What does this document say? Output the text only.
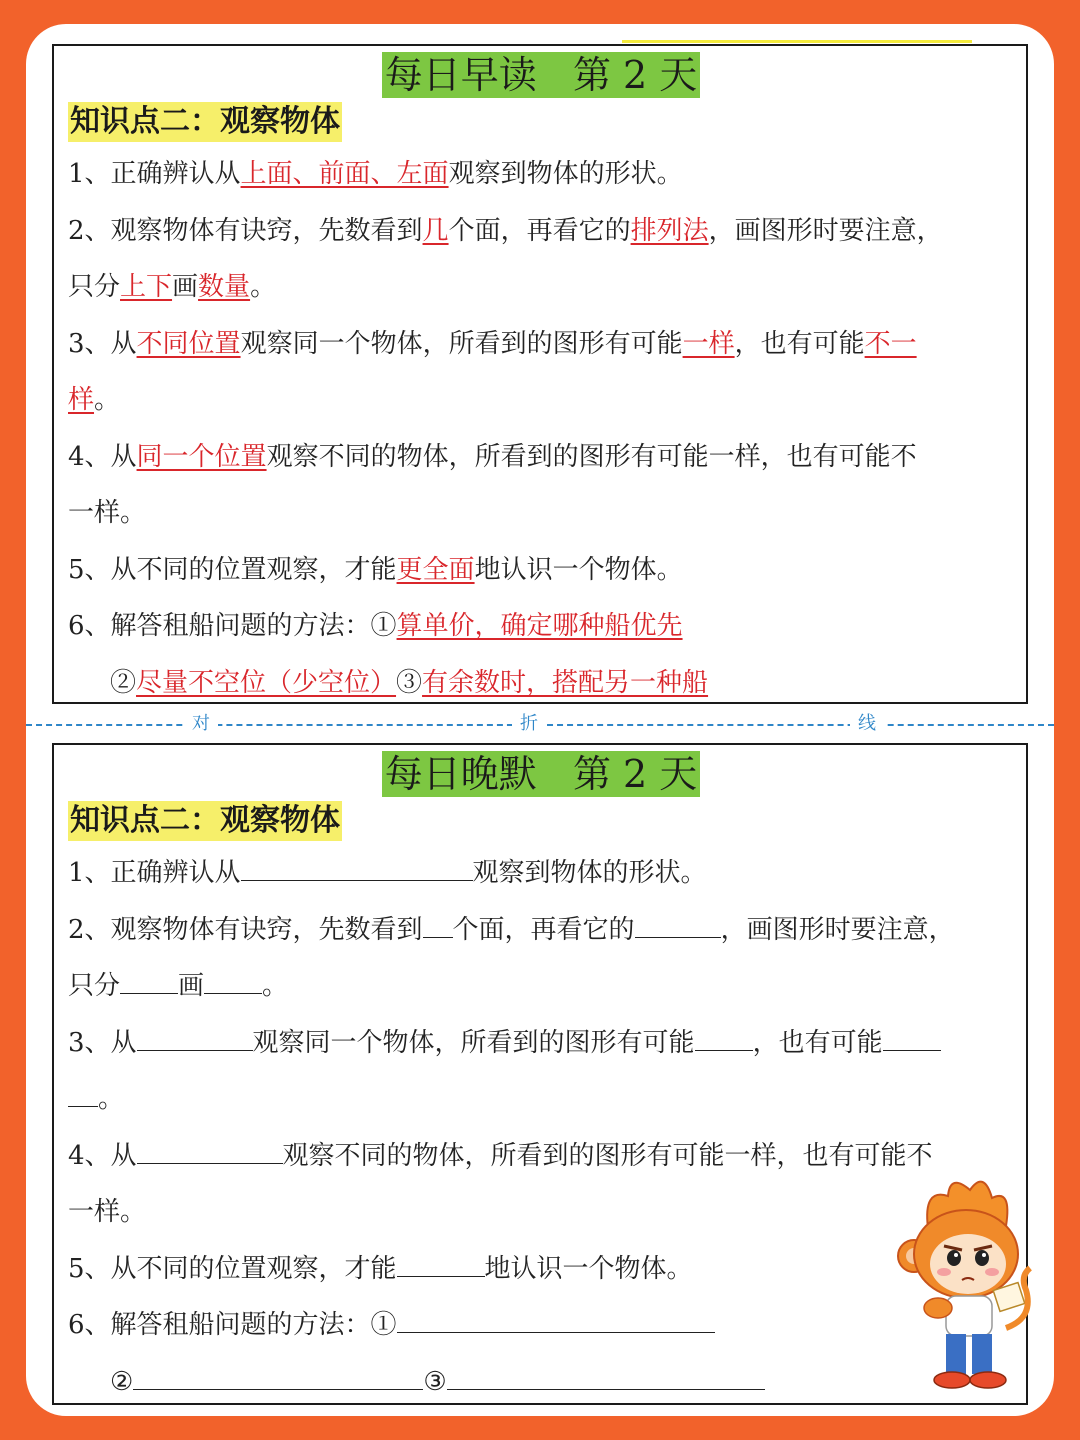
每日早读   第 2 天
知识点二：观察物体
1、正确辨认从上面、前面、左面观察到物体的形状。
2、观察物体有诀窍，先数看到几个面，再看它的排列法，画图形时要注意，
只分上下画数量。
3、从不同位置观察同一个物体，所看到的图形有可能一样，也有可能不一
样。
4、从同一个位置观察不同的物体，所看到的图形有可能一样，也有可能不
一样。
5、从不同的位置观察，才能更全面地认识一个物体。
6、解答租船问题的方法：①算单价，确定哪种船优先
②尽量不空位（少空位）③有余数时，搭配另一种船
对	折	线
每日晚默   第 2 天
知识点二：观察物体
1、正确辨认从	观察到物体的形状。
2、观察物体有诀窍，先数看到 个面，再看它的	，画图形时要注意，
只分 画 。
3、从	观察同一个物体，所看到的图形有可能 ，也有可能
。
4、从	观察不同的物体，所看到的图形有可能一样，也有可能不
一样。
5、从不同的位置观察，才能	地认识一个物体。
6、解答租船问题的方法：①
②	③
